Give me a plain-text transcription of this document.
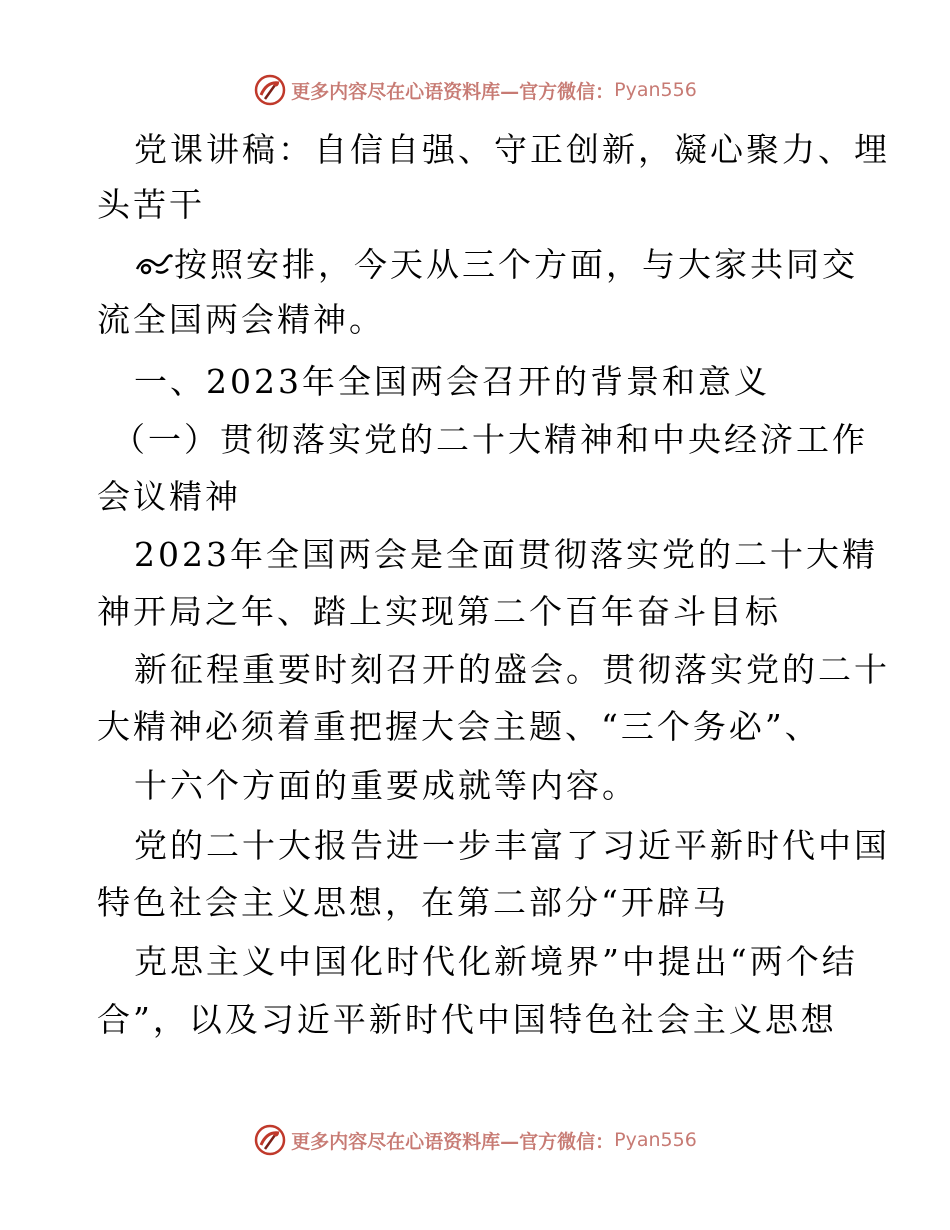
更多内容尽在心语资料库—官方微信： Pyan556
党课讲稿：自信自强、守正创新，凝心聚力、埋
头苦干
按照安排，今天从三个方面，与大家共同交
流全国两会精神。
一、2023年全国两会召开的背景和意义
（一）贯彻落实党的二十大精神和中央经济工作
会议精神
2023年全国两会是全面贯彻落实党的二十大精
神开局之年、踏上实现第二个百年奋斗目标
新征程重要时刻召开的盛会。贯彻落实党的二十
大精神必须着重把握大会主题、“三个务必”、
十六个方面的重要成就等内容。
党的二十大报告进一步丰富了习近平新时代中国
特色社会主义思想，在第二部分“开辟马
克思主义中国化时代化新境界”中提出“两个结
合”，以及习近平新时代中国特色社会主义思想
更多内容尽在心语资料库—官方微信： Pyan556
